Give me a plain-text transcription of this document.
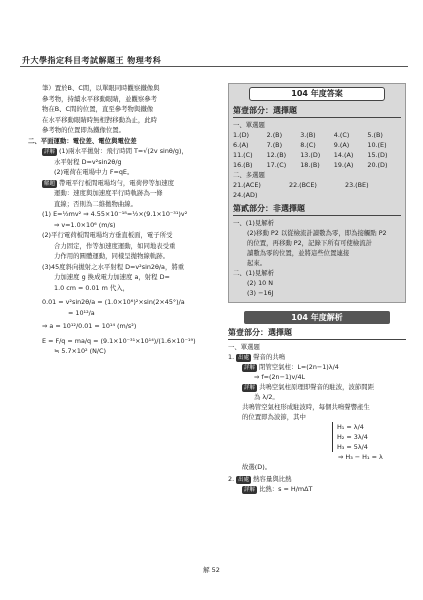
升大學指定科目考試解題王 物理考科

筆）置於B、C間，以單眼同時觀察鐵像與

參考物，持續水平移動眼睛，並觀察參考

物在B、C間的位置，直至參考物與鐵像

在水平移動眼睛時無相對移動為止，此時

參考物的位置即為鐵像位置。

二、平面運動：電位差、電位與電位差

詳解 (1)兩水平拋射：飛行時間 T=√(2v sinθ/g)，

水平射程 D=v²sin2θ/g

(2)電荷在電場中力 F=qE。

解題 帶電平行板間電場均勻，電荷停等加速度

運動：速度與加速度平行時軌跡為一條

直線；否則為二維拋物曲線。

(1) E=½mv² ⇒ 4.55×10⁻¹⁸=½×(9.1×10⁻³¹)v²

⇒ v=1.0×10⁶ (m/s)

(2)平行電荷板間電場均方垂直板面，電子所受

合力固定，作等加速度運動，如同地表受重

力作用的圓體運動，同樣呈拋物線軌跡。

(3)45度斜向拋射之水平射程 D=v²sin2θ/a，將重

力加速度 g 換成電力加速度 a，射程 D=

1.0 cm = 0.01 m 代入，

0.01 = v²sin2θ/a = (1.0×10⁶)²×sin(2×45°)/a

= 10¹²/a

⇒ a = 10¹²/0.01 = 10¹⁴ (m/s²)

E = F/q = ma/q = (9.1×10⁻³¹×10¹⁴)/(1.6×10⁻¹⁹)

≒ 5.7×10² (N/C)

104 年度答案
第壹部分：選擇題

一、單選題

1.(D)	2.(B)	3.(B)	4.(C)	5.(B)
6.(A)	7.(B)	8.(C)	9.(A)	10.(E)
11.(C)	12.(B)	13.(D)	14.(A)	15.(D)
16.(B)	17.(C)	18.(B)	19.(A)	20.(D)

二、多選題

21.(ACE)	22.(BCE)	23.(BE)
24.(AD)
第貳部分：非選擇題

一、(1)見解析

(2)移動 P2 以從檢流計讀數為零，即為接觸點 P2

的位置，再移動 P2，記錄下所有可使檢流計

讀數為零的位置，並將這些位置連接

起來。

二、(1)見解析

(2) 10 N

(3) −16J

104 年度解析
第壹部分：選擇題

一、單選題

1. 出處 聲音的共鳴

詳解 閉管空氣柱：L=(2n−1)λ/4

⇒ f=(2n−1)v/4L

詳解 共鳴空氣柱原理即聲音的駐波，波節間距

為 λ/2。

共鳴管空氣柱形成駐波時，每個共鳴聲響產生

的位置即為波節，其中

H₁ = λ/4

H₂ = 3λ/4

H₃ = 5λ/4

⇒ H₃ − H₁ = λ

故選(D)。

2. 出處 熱容量與比熱

詳解 比熱：s = H/mΔT

解 52
